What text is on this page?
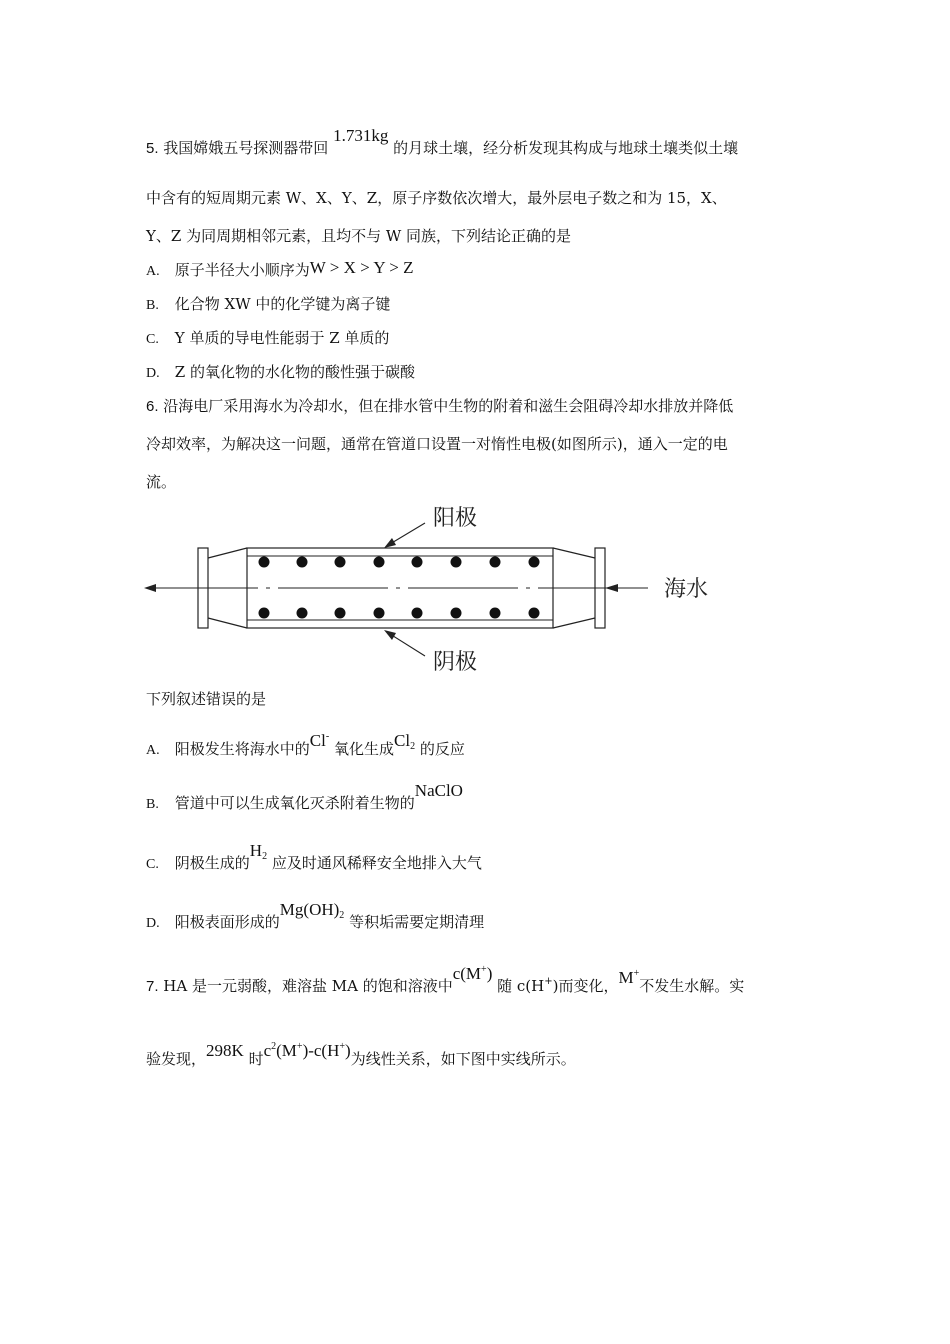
5. 我国嫦娥五号探测器带回 1.731kg 的月球土壤，经分析发现其构成与地球土壤类似土壤
中含有的短周期元素 W、X、Y、Z，原子序数依次增大，最外层电子数之和为 15，X、
Y、Z 为同周期相邻元素，且均不与 W 同族，下列结论正确的是
A. 原子半径大小顺序为W > X > Y > Z
B. 化合物 XW 中的化学键为离子键
C. Y 单质的导电性能弱于 Z 单质的
D. Z 的氧化物的水化物的酸性强于碳酸
6. 沿海电厂采用海水为冷却水，但在排水管中生物的附着和滋生会阻碍冷却水排放并降低
冷却效率，为解决这一问题，通常在管道口设置一对惰性电极(如图所示)，通入一定的电
流。
阳极
阴极
海水
下列叙述错误的是
A. 阳极发生将海水中的Cl- 氧化生成$Cl_2$ 的反应
B. 管道中可以生成氧化灭杀附着生物的NaClO
C. 阴极生成的$H_2$ 应及时通风稀释安全地排入大气
D. 阳极表面形成的$Mg(OH)_2$ 等积垢需要定期清理
7. HA 是一元弱酸，难溶盐 MA 的饱和溶液中c(M+) 随 c(H+)而变化，M+不发生水解。实
验发现，298K 时$c^2(M^+)-c(H^+)$为线性关系，如下图中实线所示。
